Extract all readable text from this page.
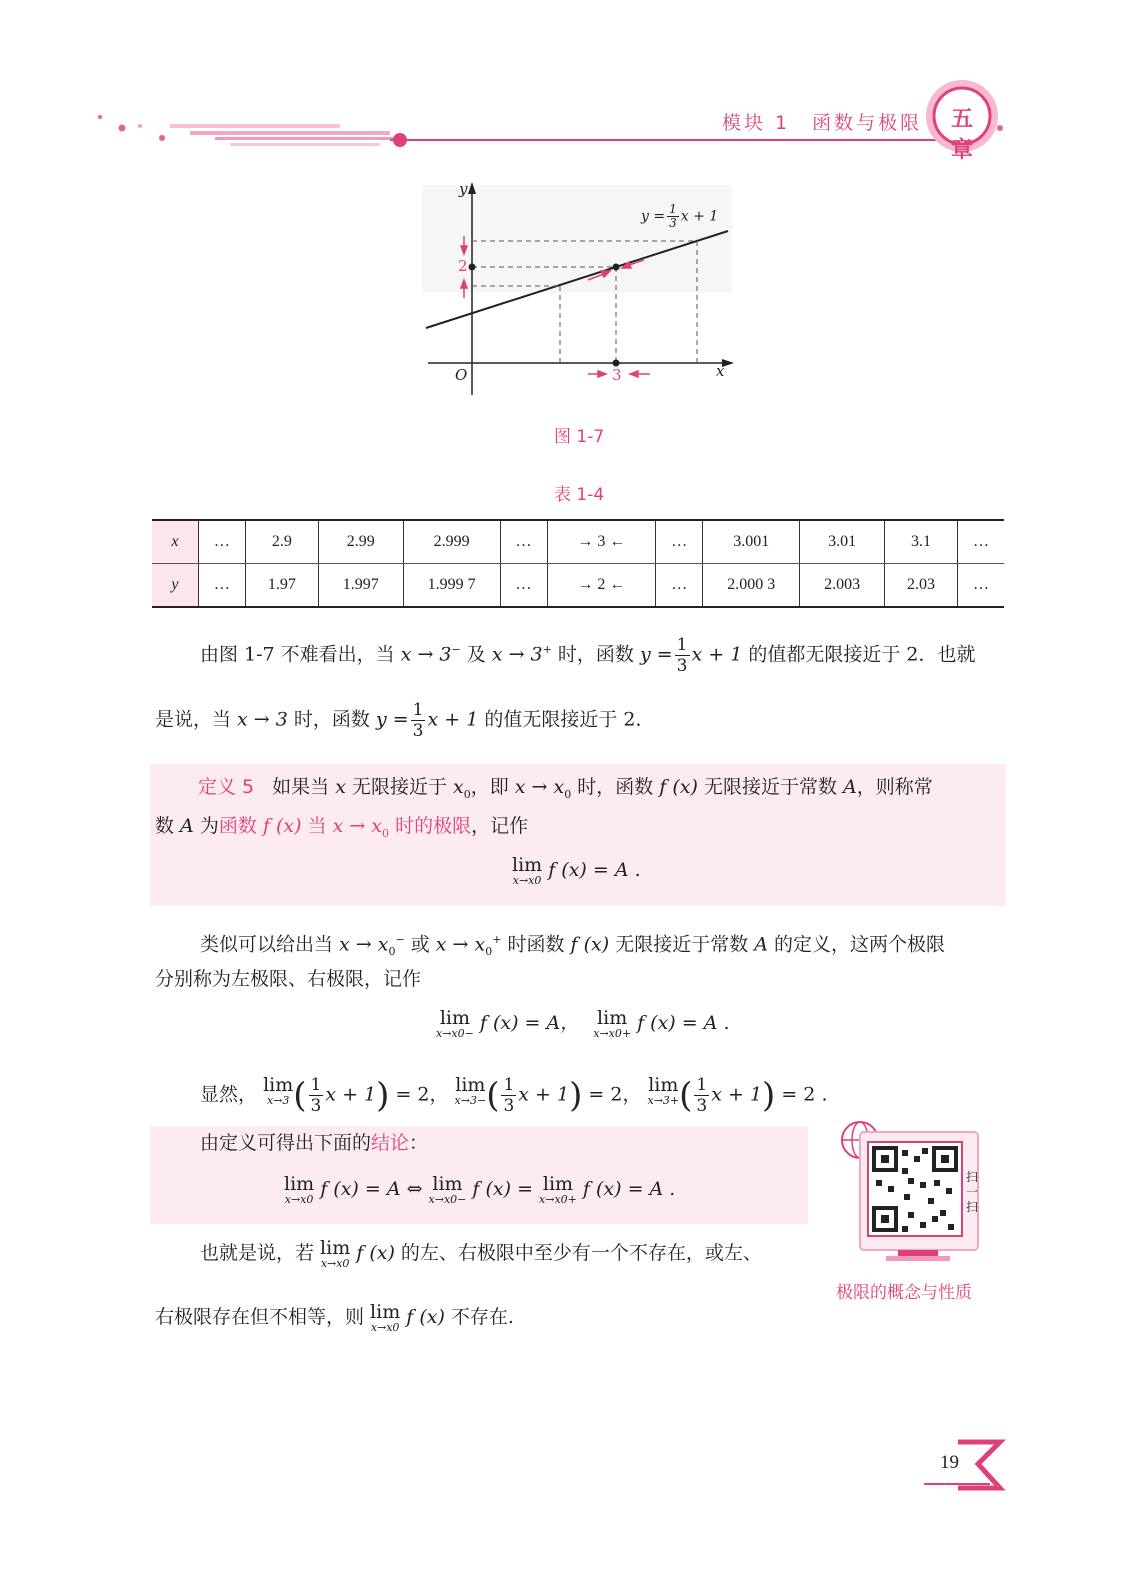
模块 1　函数与极限	五章
y
x
O
2
3
$y = \frac{1}{3}$ x + 1
图 1-7
表 1-4
x	…	2.9	2.99	2.999	…	→ 3 ←	…	3.001	3.01	3.1	…
y	…	1.97	1.997	1.999 7	…	→ 2 ←	…	2.000 3	2.003	2.03	…
由图 1-7 不难看出，当 x → 3− 及 x → 3+ 时，函数 $y = \frac{1}{3}$ x + 1 的值都无限接近于 2．也就
是说，当 x → 3 时，函数 $y = \frac{1}{3}$ x + 1 的值无限接近于 2．
定义 5 如果当 x 无限接近于 $x_0$，即 $x \to x_0$ 时，函数 f (x) 无限接近于常数 A，则称常
数 A 为函数 f (x) 当 $x \to x_0$ 时的极限，记作
lim
x→x0 f (x) = A .
类似可以给出当 $x \to x_0^-$ 或 $x \to x_0^+$ 时函数 f (x) 无限接近于常数 A 的定义，这两个极限
分别称为左极限、右极限，记作
lim
x→x0− f (x) = A， lim
x→x0+ f (x) = A .
显然， lim
x→3 ( $\frac{1}{3}$ x + 1) = 2， lim
x→3− ( $\frac{1}{3}$ x + 1) = 2， lim
x→3+ ( $\frac{1}{3}$ x + 1) = 2 .
由定义可得出下面的结论：
lim
x→x0 f (x) = A ⇔ lim
x→x0− f (x) = lim
x→x0+ f (x) = A .
也就是说，若 lim
x→x0 f (x) 的左、右极限中至少有一个不存在，或左、
右极限存在但不相等，则 lim
x→x0 f (x) 不存在.
扫一扫
极限的概念与性质
19
